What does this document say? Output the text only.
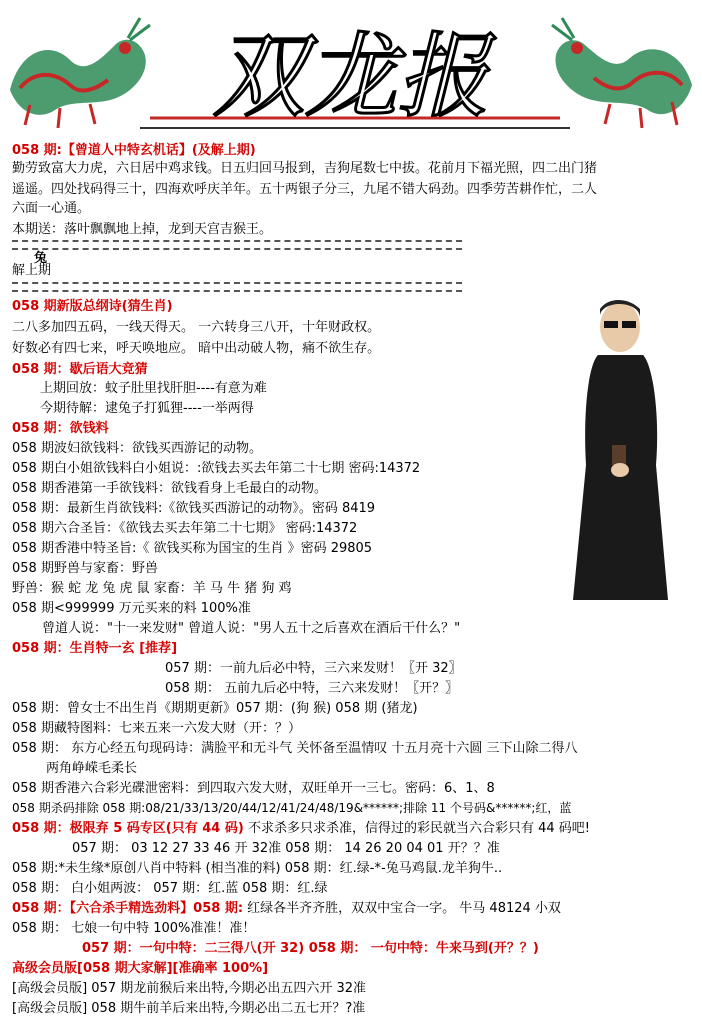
双龙报
058 期:【曾道人中特玄机话】(及解上期)
勤劳致富大力虎，六日居中鸡求钱。日五归回马报到，吉狗尾数七中拔。花前月下福光照，四二出门猪
遥遥。四处找码得三十，四海欢呼庆羊年。五十两银子分三，九尾不错大码劲。四季劳苦耕作忙，二人
六面一心通。
本期送：落叶飘飘地上掉，龙到天宫吉猴王。
兔
解上期
058 期新版总纲诗(猜生肖)
二八多加四五码，一线天得天。 一六转身三八开，十年财政权。
好数必有四七来，呼天唤地应。 暗中出动破人物，痛不欲生存。
058 期：歇后语大竞猜
上期回放：蚊子肚里找肝胆----有意为难
今期待解：逮兔子打狐狸----一举两得
058 期：欲钱料
058 期波妇欲钱料：欲钱买西游记的动物。
058 期白小姐欲钱料白小姐说：:欲钱去买去年第二十七期 密码:14372
058 期香港第一手欲钱料：欲钱看身上毛最白的动物。
058 期：最新生肖欲钱料:《欲钱买西游记的动物》。密码 8419
058 期六合圣旨：《欲钱去买去年第二十七期》 密码:14372
058 期香港中特圣旨:《 欲钱买称为国宝的生肖 》密码 29805
058 期野兽与家畜：野兽
野兽：猴 蛇 龙 兔 虎 鼠 家畜：羊 马 牛 猪 狗 鸡
058 期<999999 万元买来的料 100%准
曾道人说："十一来发财" 曾道人说："男人五十之后喜欢在酒后干什么？"
058 期：生肖特一玄 [推荐]
057 期：一前九后必中特，三六来发财！〖开 32〗
058 期： 五前九后必中特，三六来发财！〖开？〗
058 期：曾女士不出生肖《期期更新》057 期：(狗 猴) 058 期 (猪龙)
058 期藏特图料：七来五来一六发大财（开：？）
058 期： 东方心经五句现码诗：满脸平和无斗气 关怀备至温情叹 十五月亮十六圆 三下山除二得八
两角峥嵘毛柔长
058 期香港六合彩光碟泄密料：到四取六发大财，双旺单开一三七。密码：6、1、8
058 期杀码排除 058 期:08/21/33/13/20/44/12/41/24/48/19&******;排除 11 个号码&******;红，蓝
058 期：极限弃 5 码专区(只有 44 码) 不求杀多只求杀准，信得过的彩民就当六合彩只有 44 码吧!
057 期： 03 12 27 33 46 开 32准 058 期： 14 26 20 04 01 开？？准
058 期:*未生缘*原创八肖中特料 (相当准的料) 058 期：红.绿-*-兔马鸡鼠.龙羊狗牛..
058 期： 白小姐两波： 057 期：红.蓝 058 期：红.绿
058 期：【六合杀手精选劲料】058 期: 红绿各半齐齐胜，双双中宝合一字。 牛马 48124 小双
058 期： 七娘一句中特 100%准准！准！
057 期：一句中特：二三得八(开 32) 058 期： 一句中特：牛来马到(开？？)
高级会员版[058 期大家解][准确率 100%]
[高级会员版] 057 期龙前猴后来出特,今期必出五四六开 32准
[高级会员版] 058 期牛前羊后来出特,今期必出二五七开？?准
